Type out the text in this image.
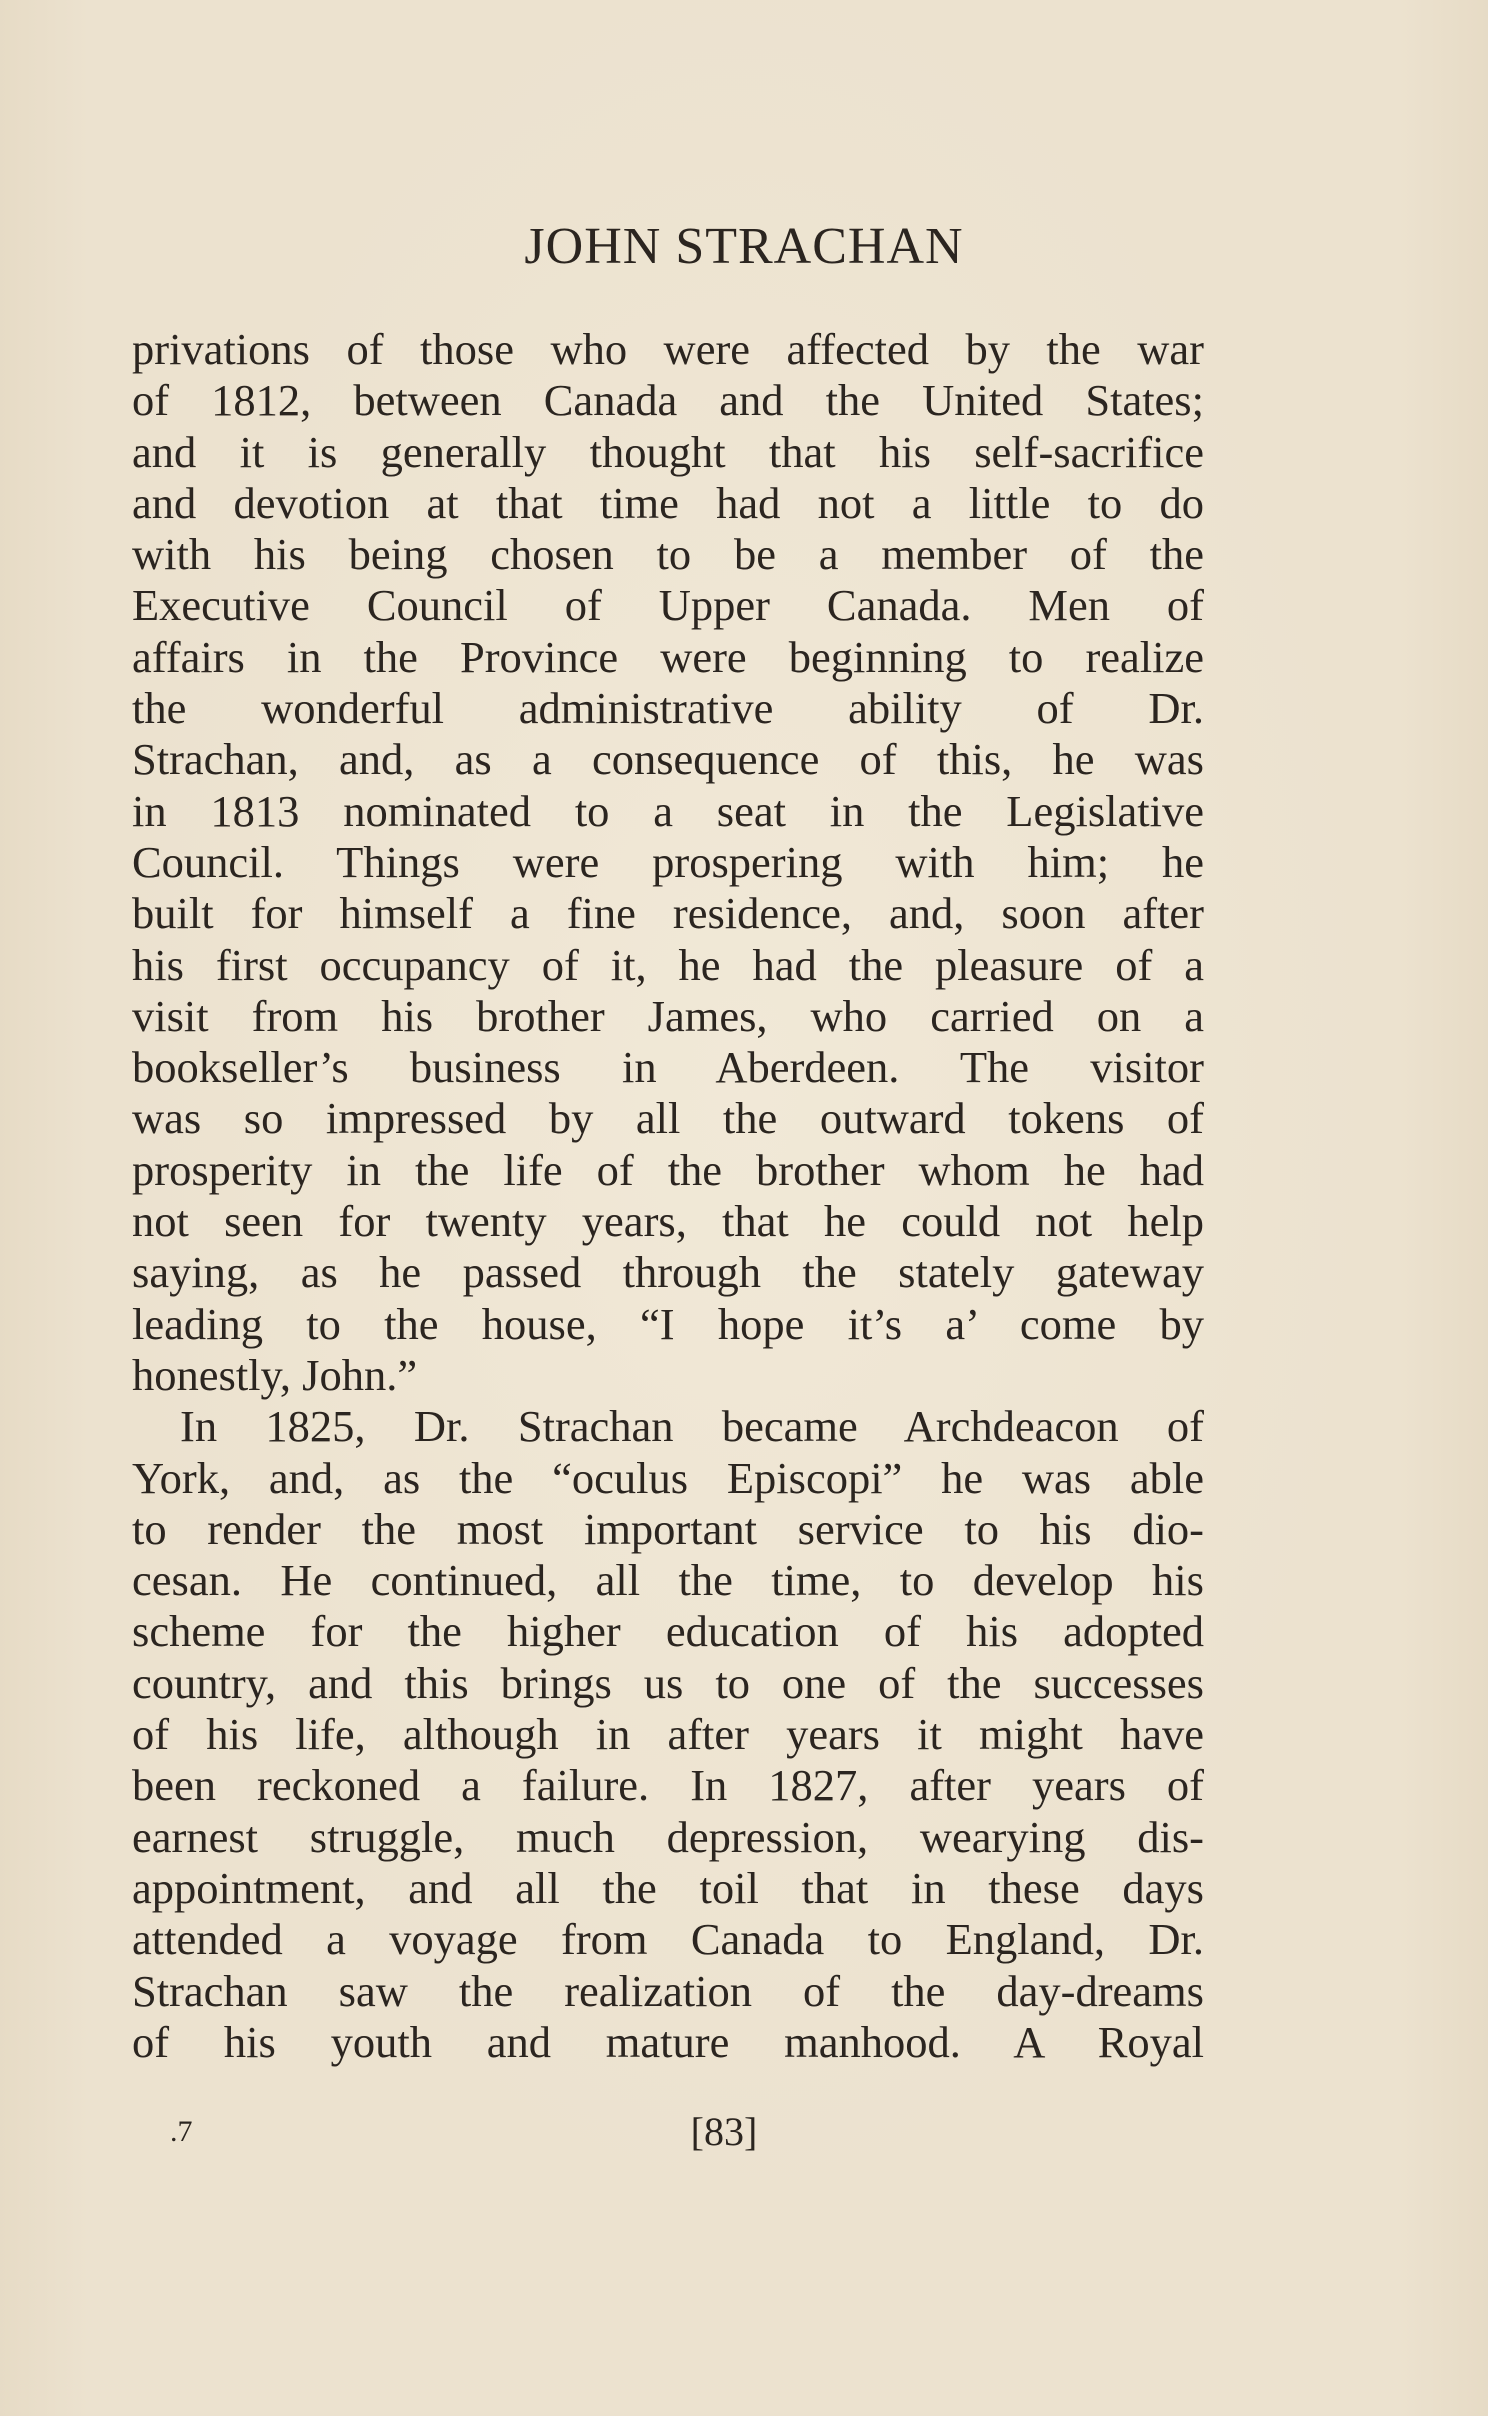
JOHN STRACHAN
privations of those who were affected by the war
of 1812, between Canada and the United States;
and it is generally thought that his self-sacrifice
and devotion at that time had not a little to do
with his being chosen to be a member of the
Executive Council of Upper Canada. Men of
affairs in the Province were beginning to realize
the wonderful administrative ability of Dr.
Strachan, and, as a consequence of this, he was
in 1813 nominated to a seat in the Legislative
Council. Things were prospering with him; he
built for himself a fine residence, and, soon after
his first occupancy of it, he had the pleasure of a
visit from his brother James, who carried on a
bookseller’s business in Aberdeen. The visitor
was so impressed by all the outward tokens of
prosperity in the life of the brother whom he had
not seen for twenty years, that he could not help
saying, as he passed through the stately gateway
leading to the house, “I hope it’s a’ come by
honestly, John.”
In 1825, Dr. Strachan became Archdeacon of
York, and, as the “oculus Episcopi” he was able
to render the most important service to his dio-
cesan. He continued, all the time, to develop his
scheme for the higher education of his adopted
country, and this brings us to one of the successes
of his life, although in after years it might have
been reckoned a failure. In 1827, after years of
earnest struggle, much depression, wearying dis-
appointment, and all the toil that in these days
attended a voyage from Canada to England, Dr.
Strachan saw the realization of the day-dreams
of his youth and mature manhood. A Royal
.7	[83]
